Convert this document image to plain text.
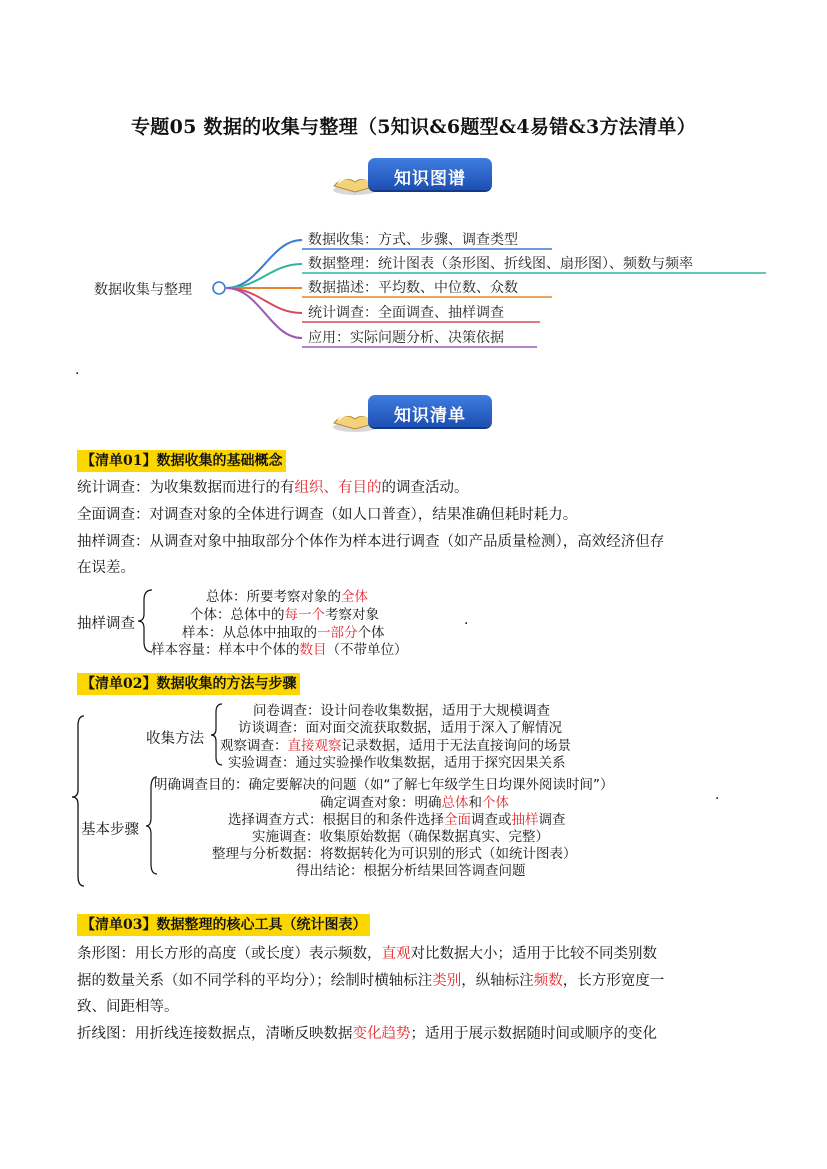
专题05 数据的收集与整理（5知识&6题型&4易错&3方法清单）
知识图谱
数据收集与整理
数据收集：方式、步骤、调查类型
数据整理：统计图表（条形图、折线图、扇形图）、频数与频率
数据描述：平均数、中位数、众数
统计调查：全面调查、抽样调查
应用：实际问题分析、决策依据
.
知识清单
【清单01】数据收集的基础概念
统计调查：为收集数据而进行的有组织、有目的的调查活动。
全面调查：对调查对象的全体进行调查（如人口普查），结果准确但耗时耗力。
抽样调查：从调查对象中抽取部分个体作为样本进行调查（如产品质量检测），高效经济但存
在误差。
抽样调查
总体：所要考察对象的全体
个体：总体中的每一个考察对象
样本：从总体中抽取的一部分个体
样本容量：样本中个体的数目（不带单位）
.
【清单02】数据收集的方法与步骤
收集方法
问卷调查：设计问卷收集数据，适用于大规模调查
访谈调查：面对面交流获取数据，适用于深入了解情况
观察调查：直接观察记录数据，适用于无法直接询问的场景
实验调查：通过实验操作收集数据，适用于探究因果关系
基本步骤
明确调查目的：确定要解决的问题（如“了解七年级学生日均课外阅读时间”）
确定调查对象：明确总体和个体
选择调查方式：根据目的和条件选择全面调查或抽样调查
实施调查：收集原始数据（确保数据真实、完整）
整理与分析数据：将数据转化为可识别的形式（如统计图表）
得出结论：根据分析结果回答调查问题
.
【清单03】数据整理的核心工具（统计图表）
条形图：用长方形的高度（或长度）表示频数，直观对比数据大小；适用于比较不同类别数
据的数量关系（如不同学科的平均分）；绘制时横轴标注类别，纵轴标注频数，长方形宽度一
致、间距相等。
折线图：用折线连接数据点，清晰反映数据变化趋势；适用于展示数据随时间或顺序的变化
